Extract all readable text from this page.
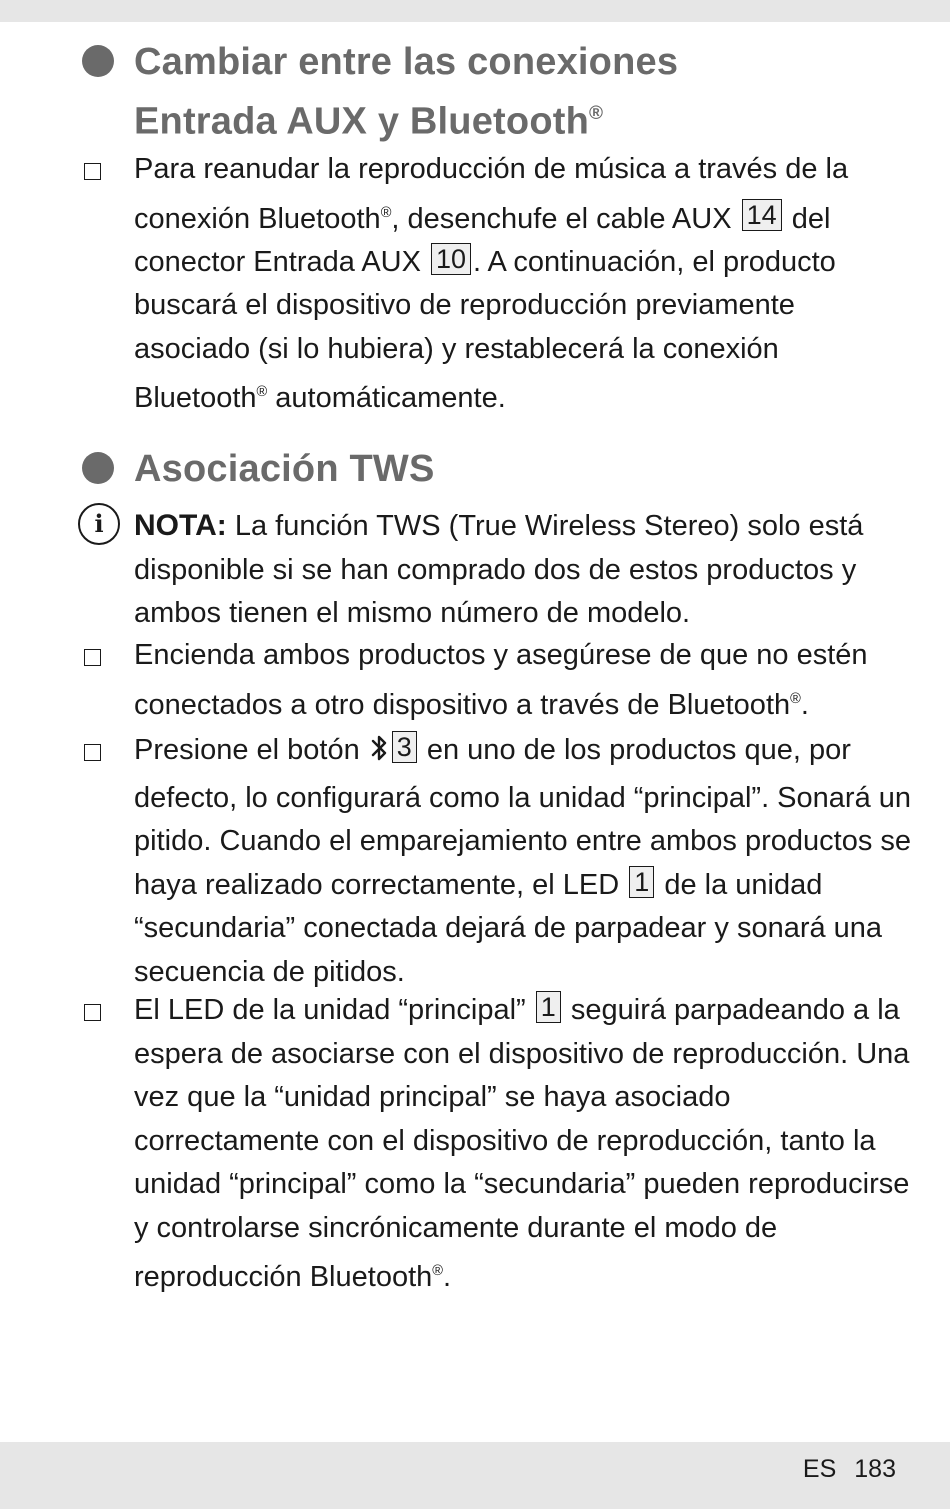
Cambiar entre las conexiones
Entrada AUX y Bluetooth®
Para reanudar la reproducción de música a través de la conexión Bluetooth®, desenchufe el cable AUX 14 del conector Entrada AUX 10 . A continuación, el producto buscará el dispositivo de reproducción previamente asociado (si lo hubiera) y restablecerá la conexión Bluetooth® automáticamente.
Asociación TWS
i	NOTA: La función TWS (True Wireless Stereo) solo está disponible si se han comprado dos de estos productos y ambos tienen el mismo número de modelo.
Encienda ambos productos y asegúrese de que no estén conectados a otro dispositivo a través de Bluetooth®.
Presione el botón 3 en uno de los productos que, por defecto, lo configurará como la unidad “principal”. Sonará un pitido. Cuando el emparejamiento entre ambos productos se haya realizado correctamente, el LED 1 de la unidad “secundaria” conectada dejará de parpadear y sonará una secuencia de pitidos.
El LED de la unidad “principal” 1 seguirá parpadeando a la espera de asociarse con el dispositivo de reproducción. Una vez que la “unidad principal” se haya asociado correctamente con el dispositivo de reproducción, tanto la unidad “principal” como la “secundaria” pueden reproducirse y controlarse sincrónicamente durante el modo de reproducción Bluetooth®.
ES 183
